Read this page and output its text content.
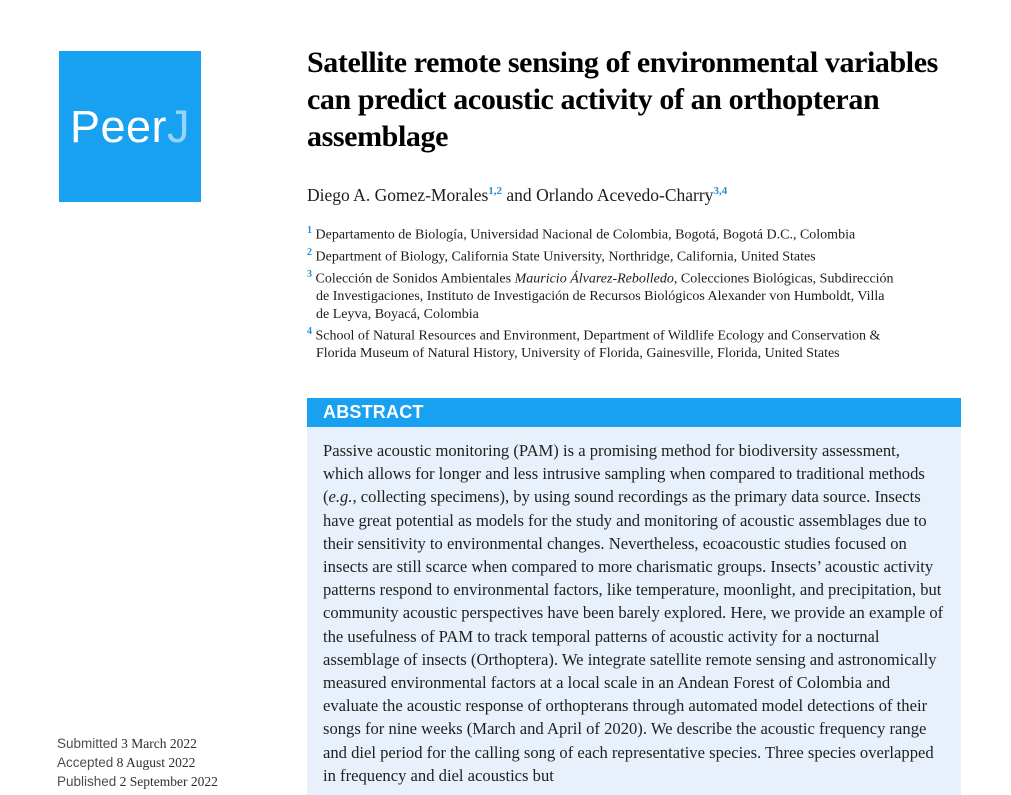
Peer J
Submitted 3 March 2022
Accepted 8 August 2022
Published 2 September 2022
Satellite remote sensing of environmental variables can predict acoustic activity of an orthopteran assemblage

Diego A. Gomez-Morales$^{1,2}$ and Orlando Acevedo-Charry$^{3,4}$

$^1$ Departamento de Biología, Universidad Nacional de Colombia, Bogotá, Bogotá D.C., Colombia
$^2$ Department of Biology, California State University, Northridge, California, United States
$^3$ Colección de Sonidos Ambientales Mauricio Álvarez-Rebolledo, Colecciones Biológicas, Subdirección de Investigaciones, Instituto de Investigación de Recursos Biológicos Alexander von Humboldt, Villa de Leyva, Boyacá, Colombia
$^4$ School of Natural Resources and Environment, Department of Wildlife Ecology and Conservation & Florida Museum of Natural History, University of Florida, Gainesville, Florida, United States
ABSTRACT
Passive acoustic monitoring (PAM) is a promising method for biodiversity assessment, which allows for longer and less intrusive sampling when compared to traditional methods (e.g., collecting specimens), by using sound recordings as the primary data source. Insects have great potential as models for the study and monitoring of acoustic assemblages due to their sensitivity to environmental changes. Nevertheless, ecoacoustic studies focused on insects are still scarce when compared to more charismatic groups. Insects’ acoustic activity patterns respond to environmental factors, like temperature, moonlight, and precipitation, but community acoustic perspectives have been barely explored. Here, we provide an example of the usefulness of PAM to track temporal patterns of acoustic activity for a nocturnal assemblage of insects (Orthoptera). We integrate satellite remote sensing and astronomically measured environmental factors at a local scale in an Andean Forest of Colombia and evaluate the acoustic response of orthopterans through automated model detections of their songs for nine weeks (March and April of 2020). We describe the acoustic frequency range and diel period for the calling song of each representative species. Three species overlapped in frequency and diel acoustics but
